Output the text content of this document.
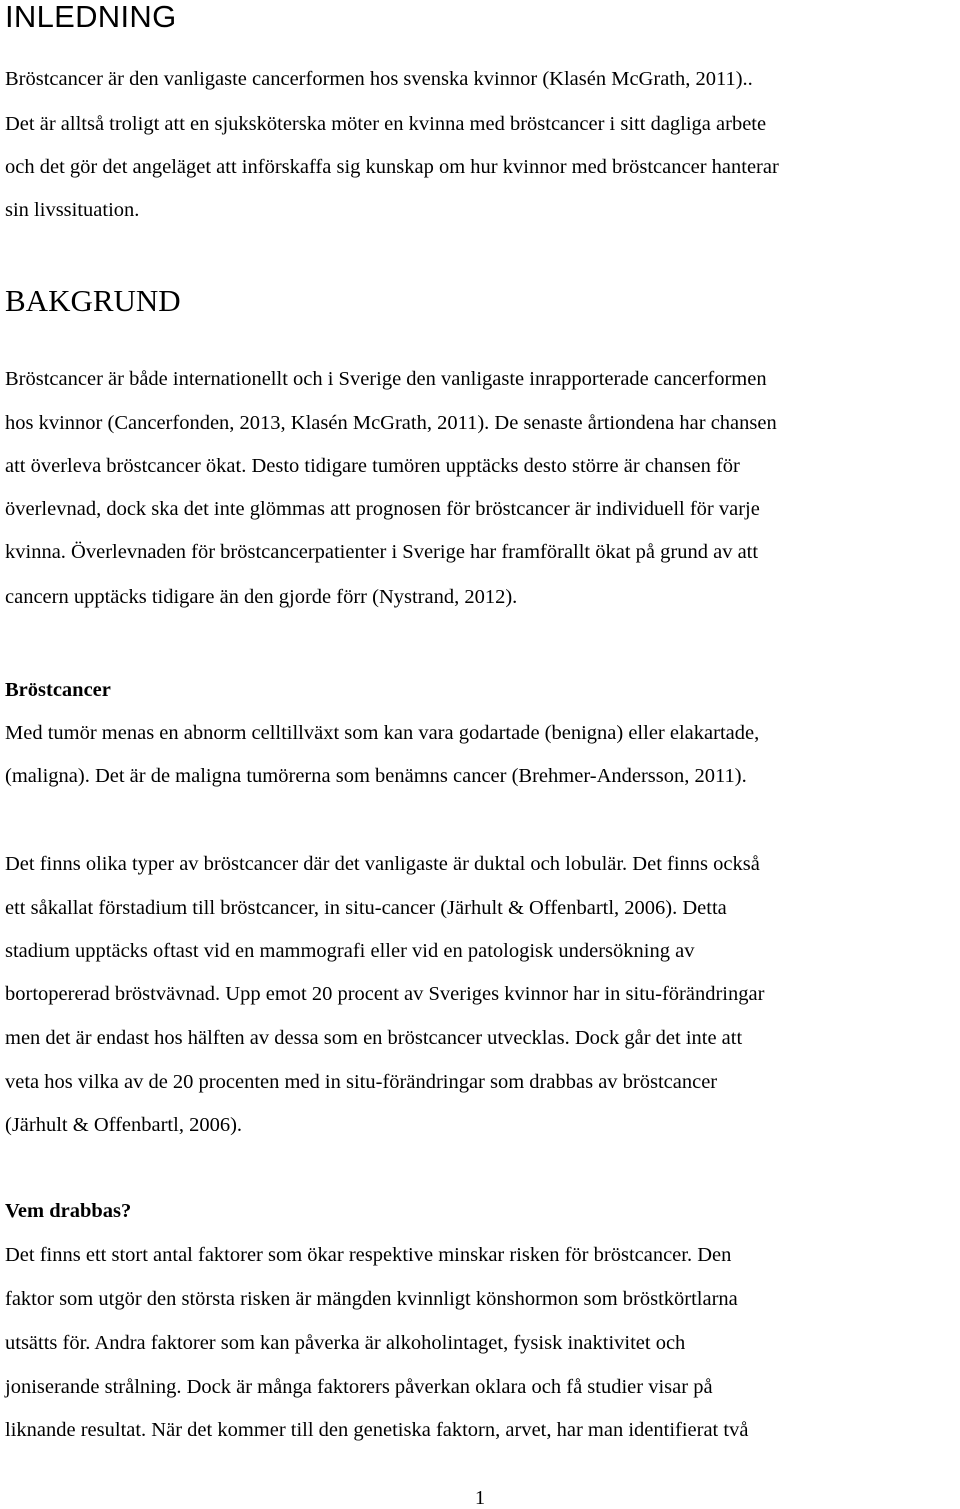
INLEDNING
Bröstcancer är den vanligaste cancerformen hos svenska kvinnor (Klasén McGrath, 2011)..
Det är alltså troligt att en sjuksköterska möter en kvinna med bröstcancer i sitt dagliga arbete
och det gör det angeläget att införskaffa sig kunskap om hur kvinnor med bröstcancer hanterar
sin livssituation.
BAKGRUND
Bröstcancer är både internationellt och i Sverige den vanligaste inrapporterade cancerformen
hos kvinnor (Cancerfonden, 2013, Klasén McGrath, 2011). De senaste årtiondena har chansen
att överleva bröstcancer ökat. Desto tidigare tumören upptäcks desto större är chansen för
överlevnad, dock ska det inte glömmas att prognosen för bröstcancer är individuell för varje
kvinna. Överlevnaden för bröstcancerpatienter i Sverige har framförallt ökat på grund av att
cancern upptäcks tidigare än den gjorde förr (Nystrand, 2012).
Bröstcancer
Med tumör menas en abnorm celltillväxt som kan vara godartade (benigna) eller elakartade,
(maligna). Det är de maligna tumörerna som benämns cancer (Brehmer-Andersson, 2011).
Det finns olika typer av bröstcancer där det vanligaste är duktal och lobulär. Det finns också
ett såkallat förstadium till bröstcancer, in situ-cancer (Järhult & Offenbartl, 2006). Detta
stadium upptäcks oftast vid en mammografi eller vid en patologisk undersökning av
bortopererad bröstvävnad. Upp emot 20 procent av Sveriges kvinnor har in situ-förändringar
men det är endast hos hälften av dessa som en bröstcancer utvecklas. Dock går det inte att
veta hos vilka av de 20 procenten med in situ-förändringar som drabbas av bröstcancer
(Järhult & Offenbartl, 2006).
Vem drabbas?
Det finns ett stort antal faktorer som ökar respektive minskar risken för bröstcancer. Den
faktor som utgör den största risken är mängden kvinnligt könshormon som bröstkörtlarna
utsätts för. Andra faktorer som kan påverka är alkoholintaget, fysisk inaktivitet och
joniserande strålning. Dock är många faktorers påverkan oklara och få studier visar på
liknande resultat. När det kommer till den genetiska faktorn, arvet, har man identifierat två
1
